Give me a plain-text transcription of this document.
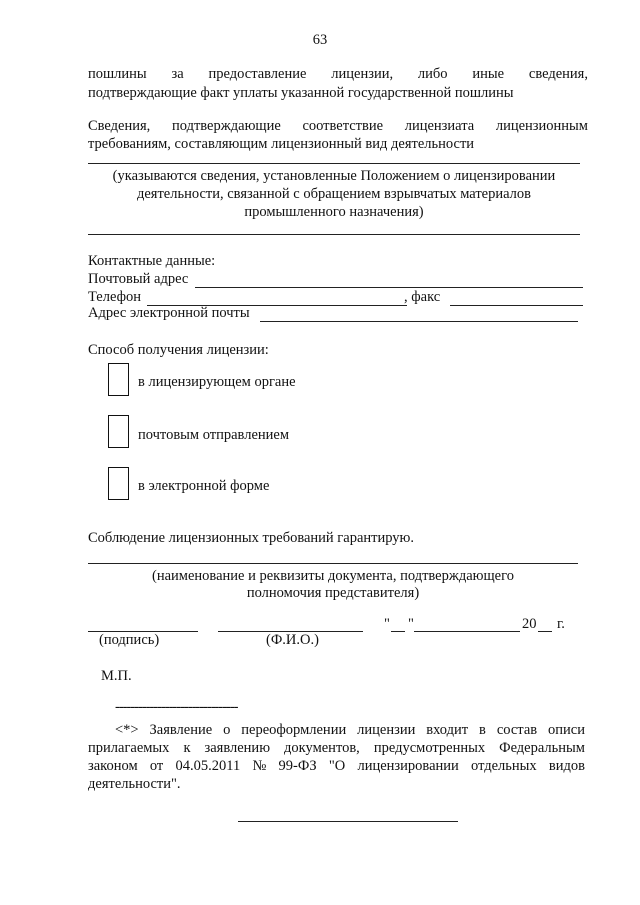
63
пошлины за предоставление лицензии, либо иные сведения,
подтверждающие факт уплаты указанной государственной пошлины
Сведения, подтверждающие соответствие лицензиата лицензионным
требованиям, составляющим лицензионный вид деятельности
(указываются сведения, установленные Положением о лицензировании
деятельности, связанной с обращением взрывчатых материалов
промышленного назначения)
Контактные данные:
Почтовый адрес
Телефон	, факс
Адрес электронной почты
Способ получения лицензии:
в лицензирующем органе
почтовым отправлением
в электронной форме
Соблюдение лицензионных требований гарантирую.
(наименование и реквизиты документа, подтверждающего
полномочия представителя)
" "	20 г.
(подпись)	(Ф.И.О.)
М.П.
--------------------------------
<*> Заявление о переоформлении лицензии входит в состав описи
прилагаемых к заявлению документов, предусмотренных Федеральным
законом от 04.05.2011 № 99-ФЗ "О лицензировании отдельных видов
деятельности".
